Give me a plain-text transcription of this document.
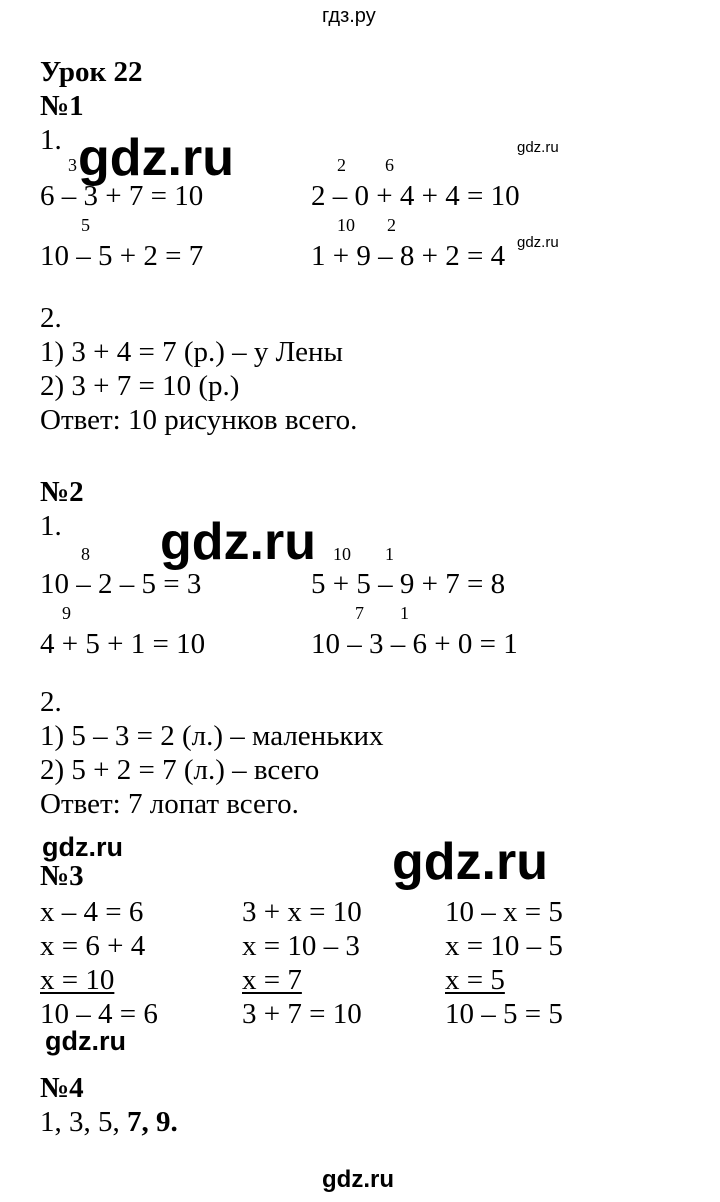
гдз.ру
Урок 22
№1
1. gdz.ru	gdz.ru
3
6 – 3 + 7 = 10
2 6
2 – 0 + 4 + 4 = 10
5
10 – 5 + 2 = 7
10 2
1 + 9 – 8 + 2 = 4 gdz.ru
2.
1) 3 + 4 = 7 (р.) – у Лены
2) 3 + 7 = 10 (р.)
Ответ: 10 рисунков всего.
№2
1. gdz.ru
8
10 – 2 – 5 = 3
10 1
5 + 5 – 9 + 7 = 8
9
4 + 5 + 1 = 10
7 1
10 – 3 – 6 + 0 = 1
2.
1) 5 – 3 = 2 (л.) – маленьких
2) 5 + 2 = 7 (л.) – всего
Ответ: 7 лопат всего.
gdz.ru	gdz.ru
№3
x – 4 = 6
x = 6 + 4
x = 10
10 – 4 = 6
3 + x = 10
x = 10 – 3
x = 7
3 + 7 = 10
10 – x = 5
x = 10 – 5
x = 5
10 – 5 = 5
gdz.ru
№4
1, 3, 5, 7, 9.
gdz.ru
